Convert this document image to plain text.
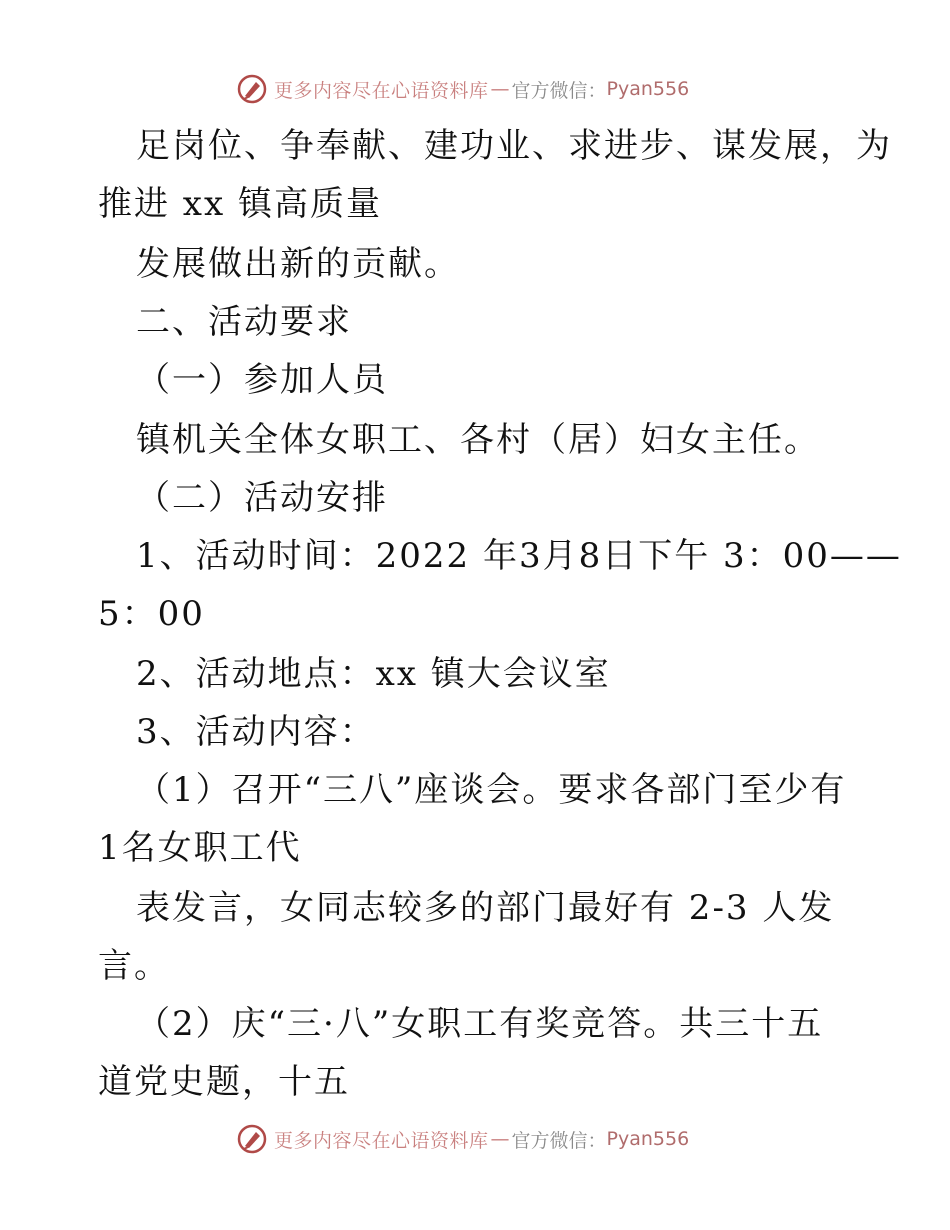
更多内容尽在心语资料库 — 官方微信： Pyan556
足岗位、争奉献、建功业、求进步、谋发展，为
推进 xx 镇高质量
发展做出新的贡献。
二、活动要求
（一）参加人员
镇机关全体女职工、各村（居）妇女主任。
（二）活动安排
1、活动时间：2022 年3月8日下午 3：00——
5：00
2、活动地点：xx 镇大会议室
3、活动内容：
（1）召开“三八”座谈会。要求各部门至少有
1名女职工代
表发言，女同志较多的部门最好有 2-3 人发
言。
（2）庆“三·八”女职工有奖竞答。共三十五
道党史题，十五
更多内容尽在心语资料库 — 官方微信： Pyan556
